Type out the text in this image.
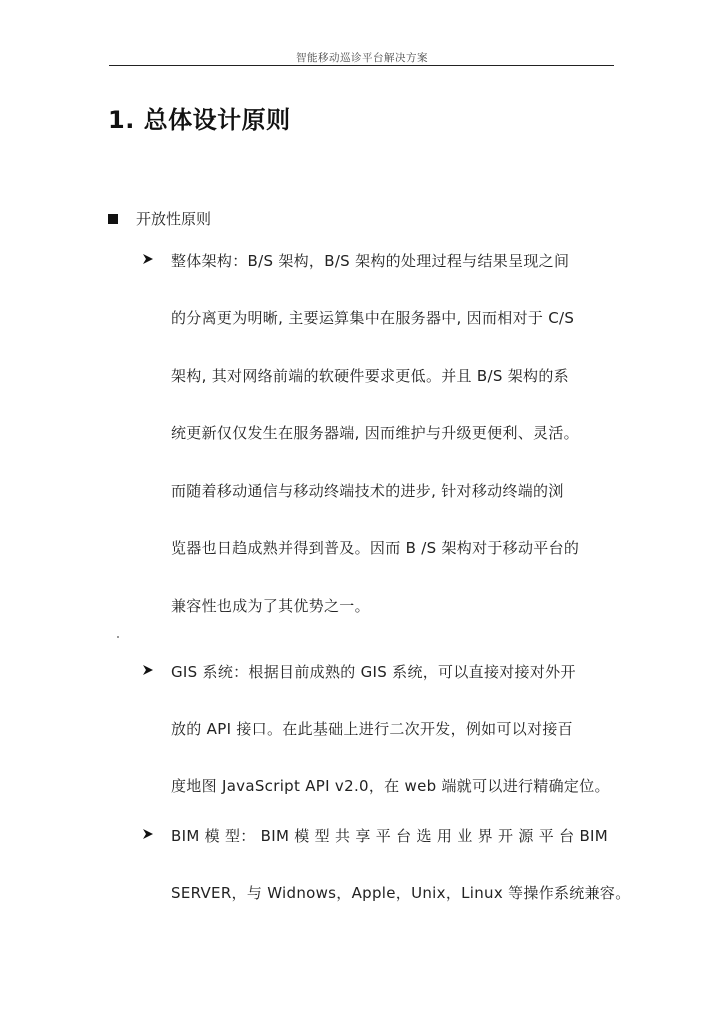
智能移动巡诊平台解决方案
1. 总体设计原则
开放性原则
整体架构：B/S 架构，B/S 架构的处理过程与结果呈现之间
的分离更为明晰, 主要运算集中在服务器中, 因而相对于 C/S
架构, 其对网络前端的软硬件要求更低。并且 B/S 架构的系
统更新仅仅发生在服务器端, 因而维护与升级更便利、灵活。
而随着移动通信与移动终端技术的进步, 针对移动终端的浏
览器也日趋成熟并得到普及。因而 B /S 架构对于移动平台的
兼容性也成为了其优势之一。
GIS 系统：根据目前成熟的 GIS 系统，可以直接对接对外开
放的 API 接口。在此基础上进行二次开发，例如可以对接百
度地图 JavaScript API v2.0，在 web 端就可以进行精确定位。
BIM 模 型： BIM 模 型 共 享 平 台 选 用 业 界 开 源 平 台 BIM
SERVER，与 Widnows，Apple，Unix，Linux 等操作系统兼容。
